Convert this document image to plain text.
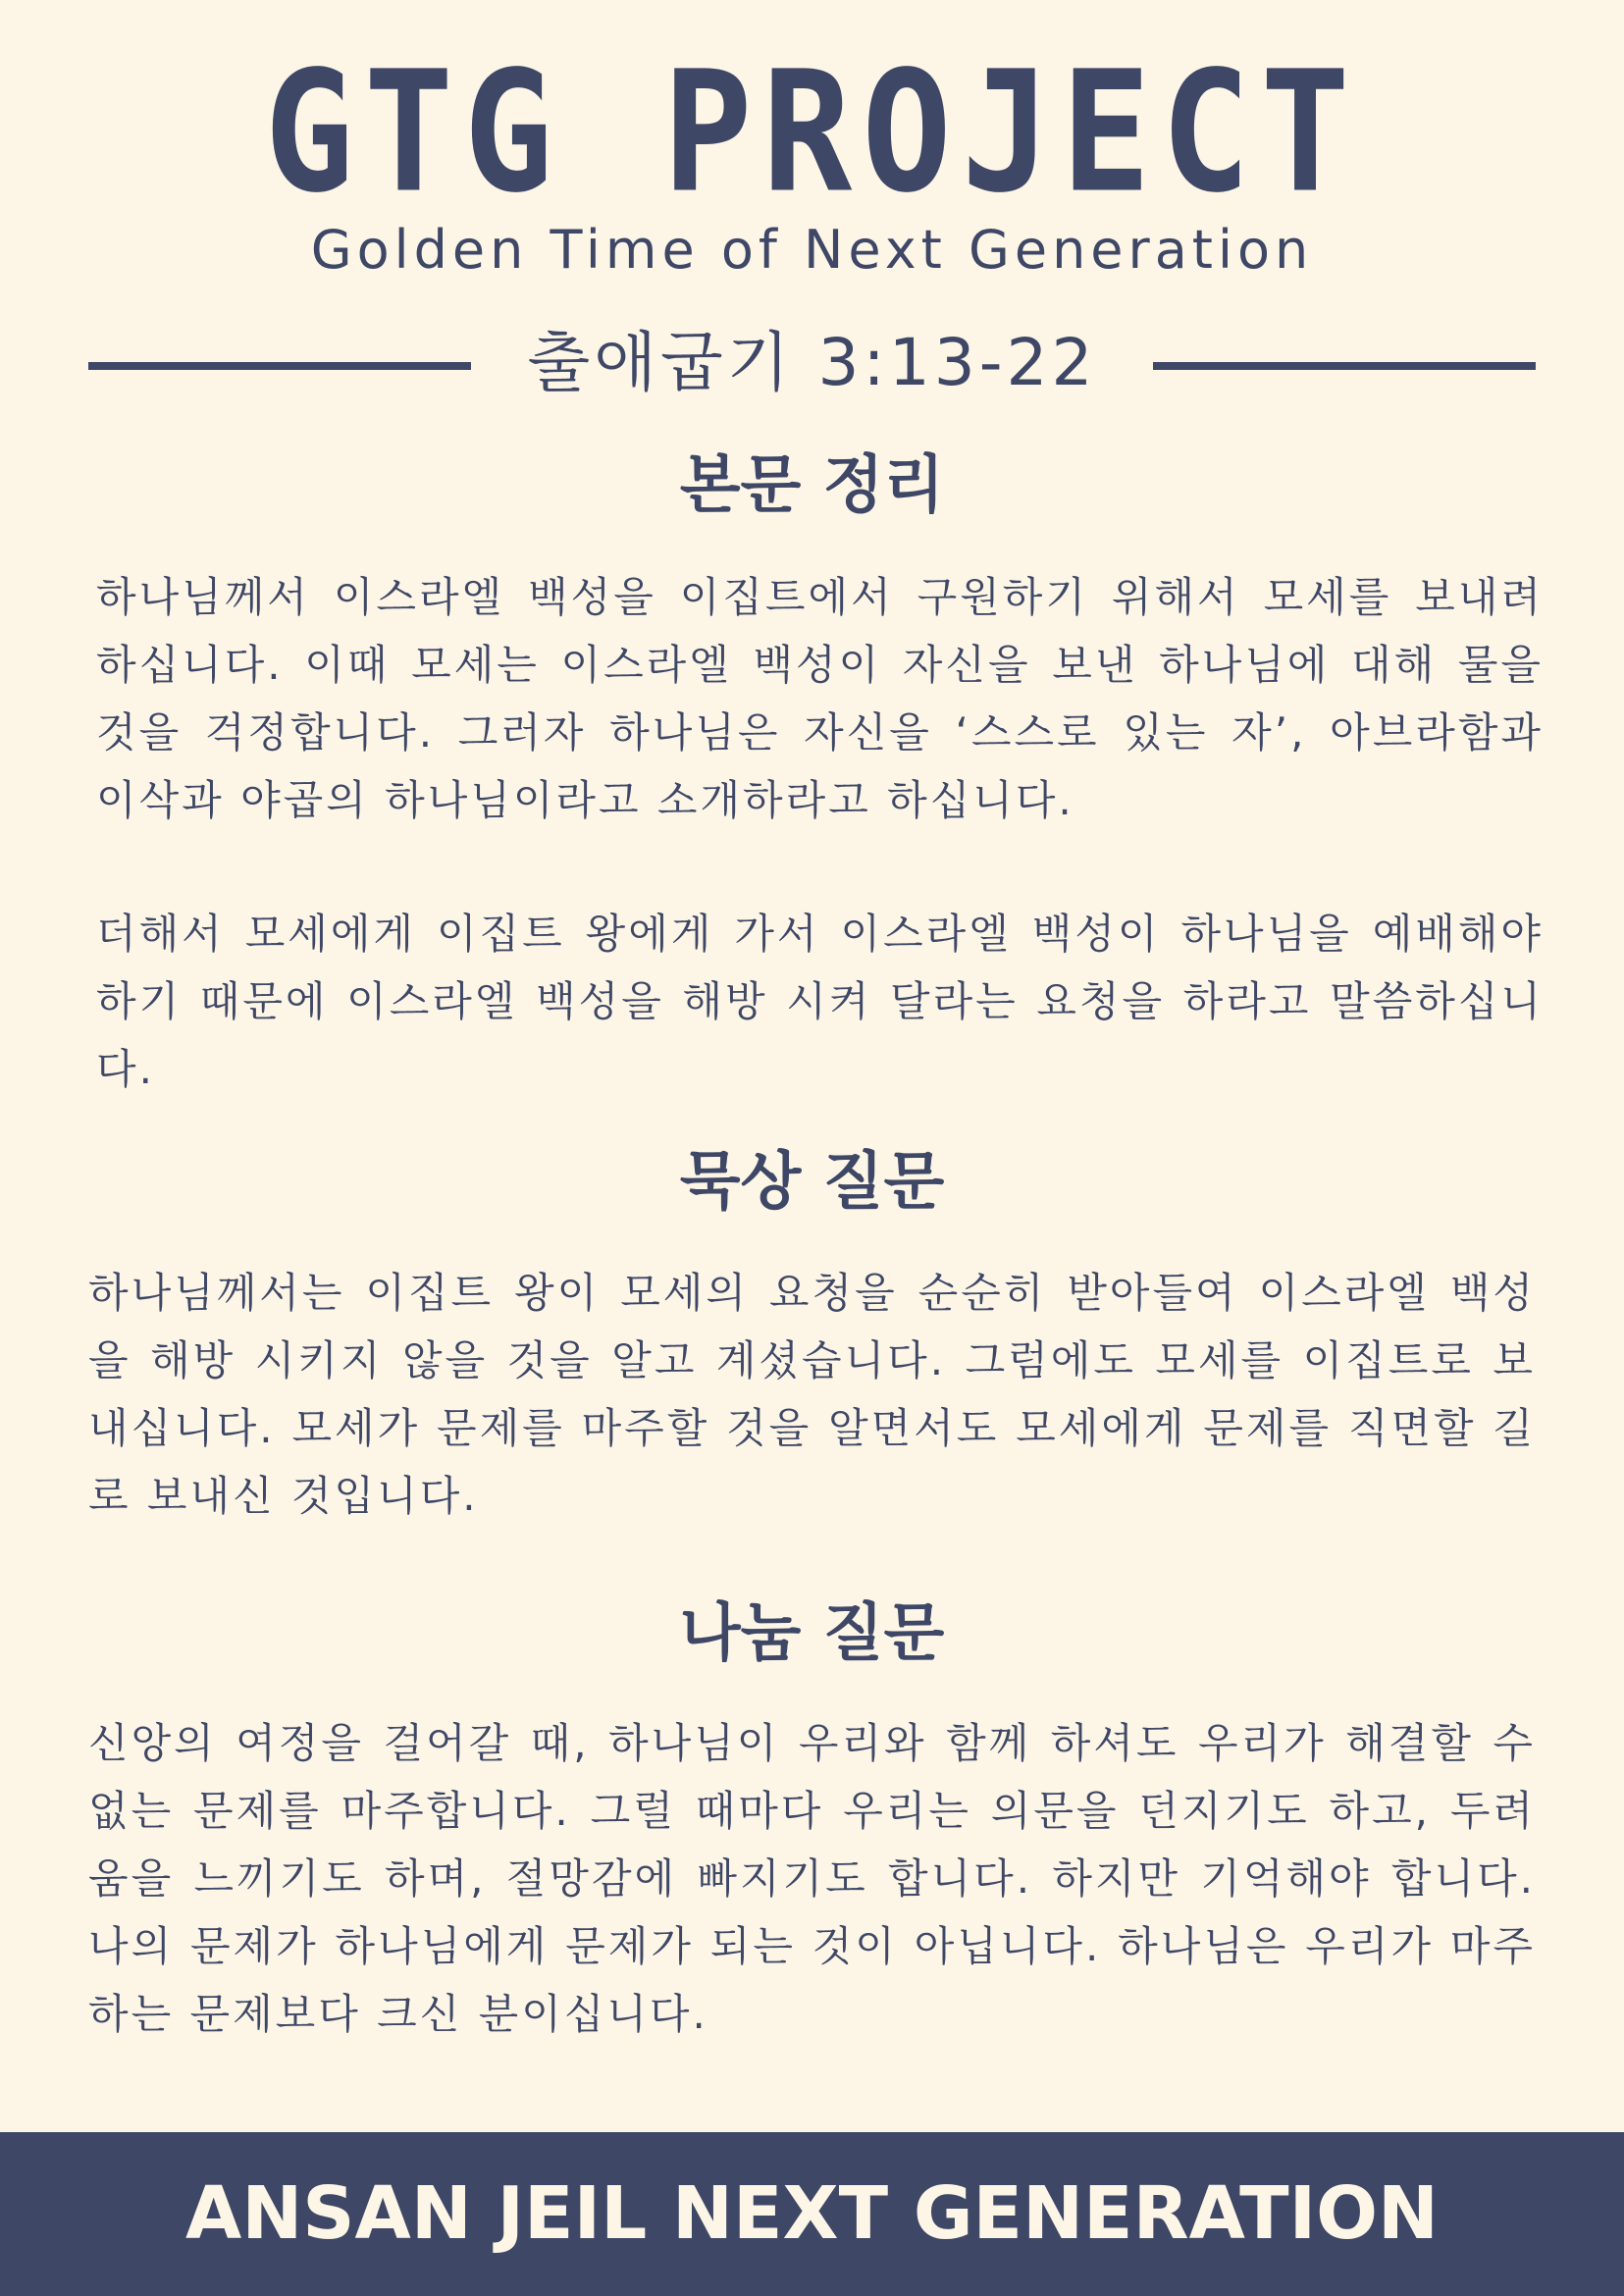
GTG PROJECT
Golden Time of Next Generation
출애굽기 3:13-22
본문 정리

하나님께서 이스라엘 백성을 이집트에서 구원하기 위해서 모세를 보내려 하십니다. 이때 모세는 이스라엘 백성이 자신을 보낸 하나님에 대해 물을 것을 걱정합니다. 그러자 하나님은 자신을 ‘스스로 있는 자’, 아브라함과 이삭과 야곱의 하나님이라고 소개하라고 하십니다.

더해서 모세에게 이집트 왕에게 가서 이스라엘 백성이 하나님을 예배해야 하기 때문에 이스라엘 백성을 해방 시켜 달라는 요청을 하라고 말씀하십니다.

묵상 질문

하나님께서는 이집트 왕이 모세의 요청을 순순히 받아들여 이스라엘 백성을 해방 시키지 않을 것을 알고 계셨습니다. 그럼에도 모세를 이집트로 보내십니다. 모세가 문제를 마주할 것을 알면서도 모세에게 문제를 직면할 길로 보내신 것입니다.

나눔 질문

신앙의 여정을 걸어갈 때, 하나님이 우리와 함께 하셔도 우리가 해결할 수 없는 문제를 마주합니다. 그럴 때마다 우리는 의문을 던지기도 하고, 두려움을 느끼기도 하며, 절망감에 빠지기도 합니다. 하지만 기억해야 합니다. 나의 문제가 하나님에게 문제가 되는 것이 아닙니다. 하나님은 우리가 마주하는 문제보다 크신 분이십니다.

ANSAN JEIL NEXT GENERATION
